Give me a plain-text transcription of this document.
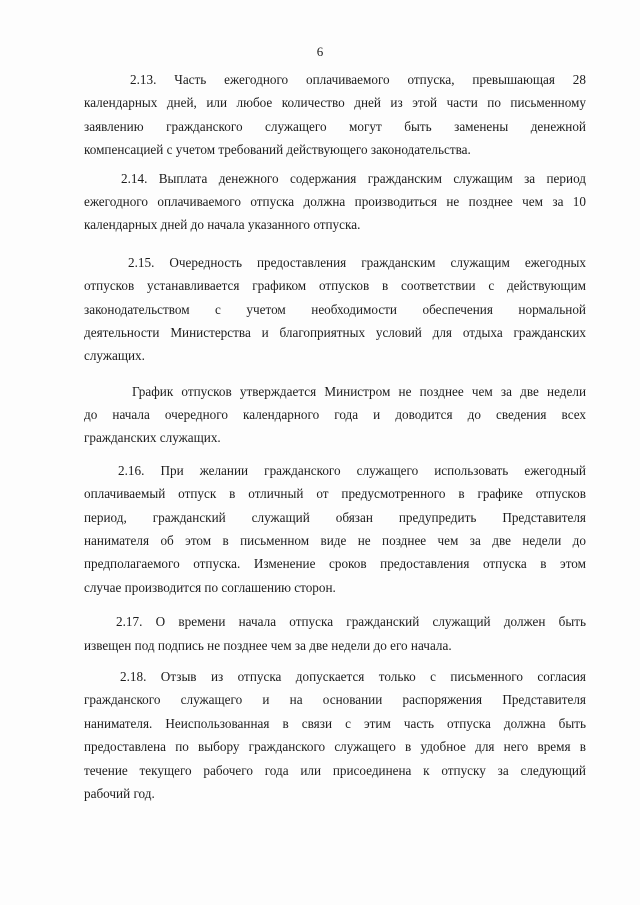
6
2.13. Часть ежегодного оплачиваемого отпуска, превышающая 28
календарных дней, или любое количество дней из этой части по письменному
заявлению гражданского служащего могут быть заменены денежной
компенсацией с учетом требований действующего законодательства.
2.14. Выплата денежного содержания гражданским служащим за период
ежегодного оплачиваемого отпуска должна производиться не позднее чем за 10
календарных дней до начала указанного отпуска.
2.15. Очередность предоставления гражданским служащим ежегодных
отпусков устанавливается графиком отпусков в соответствии с действующим
законодательством с учетом необходимости обеспечения нормальной
деятельности Министерства и благоприятных условий для отдыха гражданских
служащих.
График отпусков утверждается Министром не позднее чем за две недели
до начала очередного календарного года и доводится до сведения всех
гражданских служащих.
2.16. При желании гражданского служащего использовать ежегодный
оплачиваемый отпуск в отличный от предусмотренного в графике отпусков
период, гражданский служащий обязан предупредить Представителя
нанимателя об этом в письменном виде не позднее чем за две недели до
предполагаемого отпуска. Изменение сроков предоставления отпуска в этом
случае производится по соглашению сторон.
2.17. О времени начала отпуска гражданский служащий должен быть
извещен под подпись не позднее чем за две недели до его начала.
2.18. Отзыв из отпуска допускается только с письменного согласия
гражданского служащего и на основании распоряжения Представителя
нанимателя. Неиспользованная в связи с этим часть отпуска должна быть
предоставлена по выбору гражданского служащего в удобное для него время в
течение текущего рабочего года или присоединена к отпуску за следующий
рабочий год.
